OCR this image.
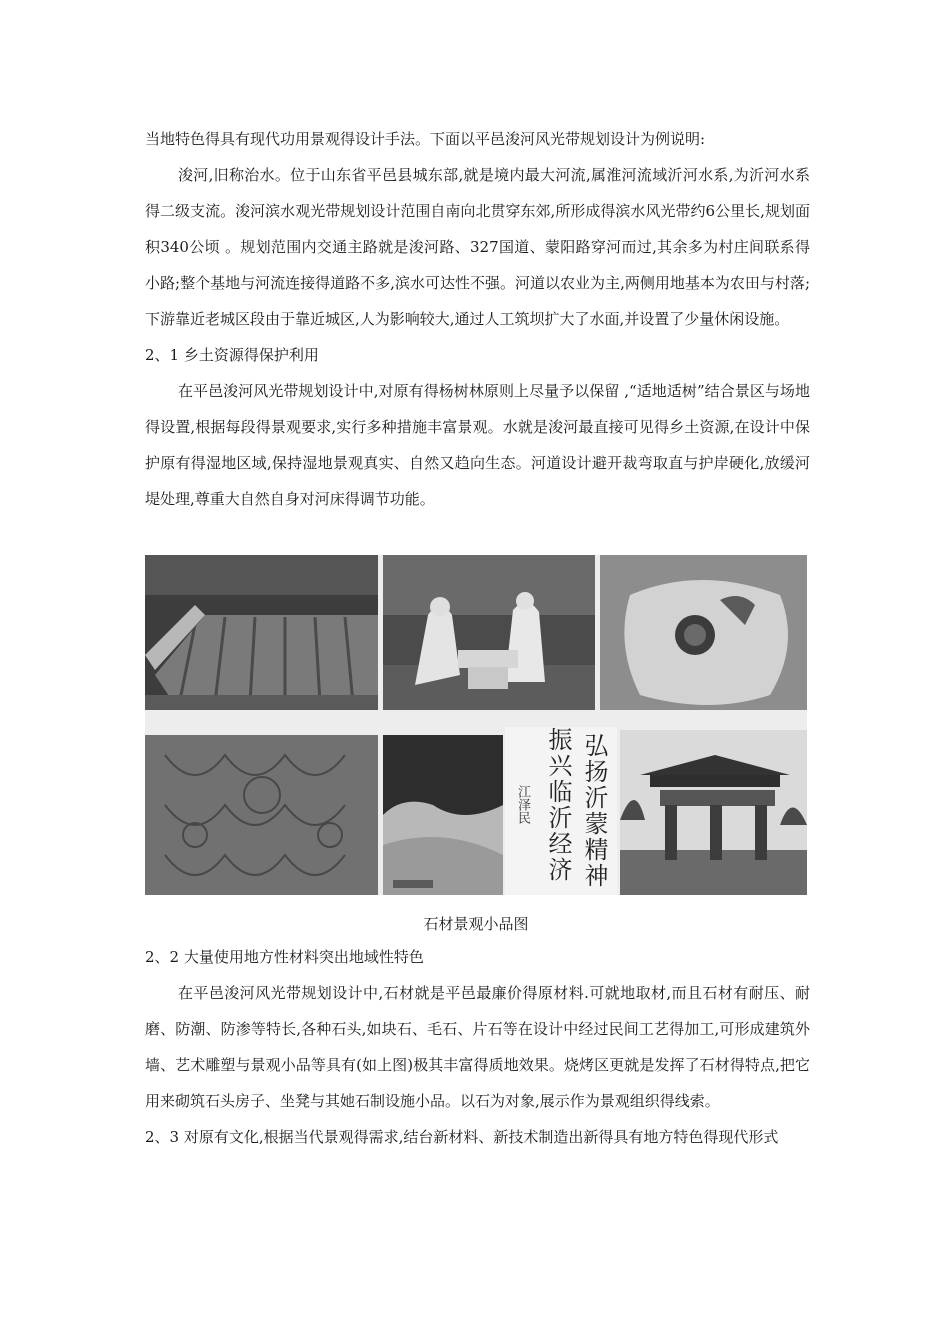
当地特色得具有现代功用景观得设计手法。下面以平邑浚河风光带规划设计为例说明:

浚河,旧称治水。位于山东省平邑县城东部,就是境内最大河流,属淮河流域沂河水系,为沂河水系得二级支流。浚河滨水观光带规划设计范围自南向北贯穿东郊,所形成得滨水风光带约6公里长,规划面积340公顷 。规划范围内交通主路就是浚河路、327国道、蒙阳路穿河而过,其余多为村庄间联系得小路;整个基地与河流连接得道路不多,滨水可达性不强。河道以农业为主,两侧用地基本为农田与村落;下游靠近老城区段由于靠近城区,人为影响较大,通过人工筑坝扩大了水面,并设置了少量休闲设施。

2、1 乡土资源得保护利用

在平邑浚河风光带规划设计中,对原有得杨树林原则上尽量予以保留 ,“适地适树”结合景区与场地得设置,根据每段得景观要求,实行多种措施丰富景观。水就是浚河最直接可见得乡土资源,在设计中保护原有得湿地区域,保持湿地景观真实、自然又趋向生态。河道设计避开裁弯取直与护岸硬化,放缓河堤处理,尊重大自然自身对河床得调节功能。

弘扬沂蒙精神
振兴临沂经济
江泽民
石材景观小品图

2、2 大量使用地方性材料突出地域性特色

在平邑浚河风光带规划设计中,石材就是平邑最廉价得原材料.可就地取材,而且石材有耐压、耐磨、防潮、防渗等特长,各种石头,如块石、毛石、片石等在设计中经过民间工艺得加工,可形成建筑外墙、艺术雕塑与景观小品等具有(如上图)极其丰富得质地效果。烧烤区更就是发挥了石材得特点,把它用来砌筑石头房子、坐凳与其她石制设施小品。以石为对象,展示作为景观组织得线索。

2、3 对原有文化,根据当代景观得需求,结台新材料、新技术制造出新得具有地方特色得现代形式
